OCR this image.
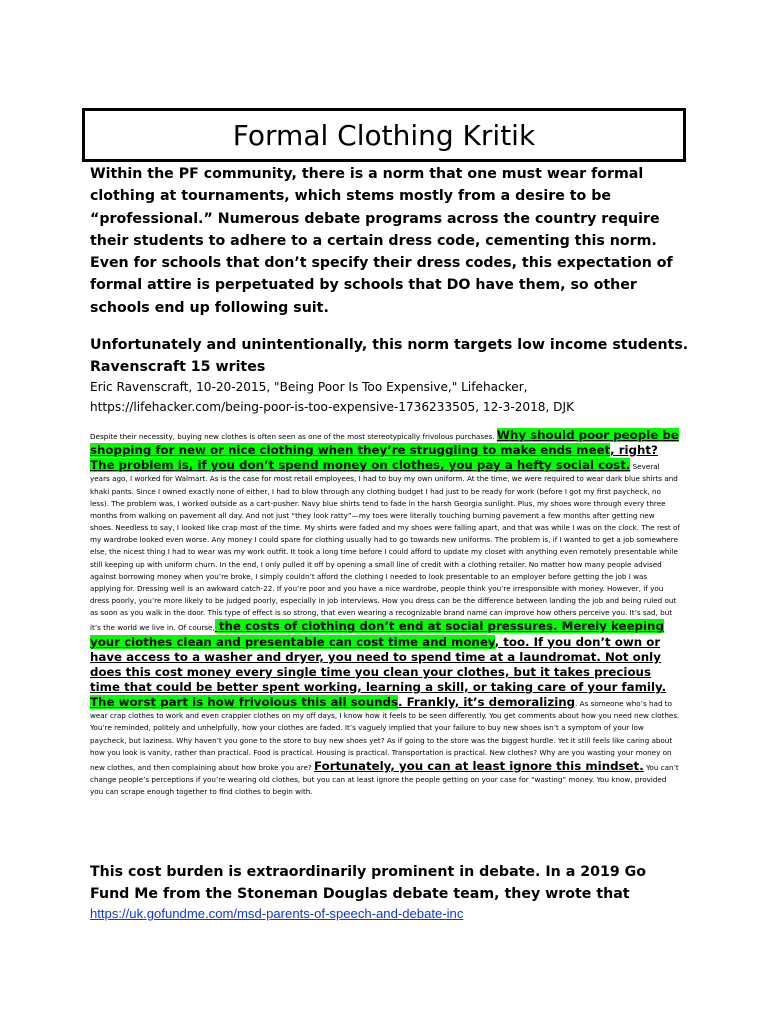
Formal Clothing Kritik
Within the PF community, there is a norm that one must wear formal clothing at tournaments, which stems mostly from a desire to be “professional.” Numerous debate programs across the country require their students to adhere to a certain dress code, cementing this norm. Even for schools that don’t specify their dress codes, this expectation of formal attire is perpetuated by schools that DO have them, so other schools end up following suit.
Unfortunately and unintentionally, this norm targets low income students. Ravenscraft 15 writes
Eric Ravenscraft, 10-20-2015, "Being Poor Is Too Expensive," Lifehacker, https://lifehacker.com/being-poor-is-too-expensive-1736233505, 12-3-2018, DJK
Despite their necessity, buying new clothes is often seen as one of the most stereotypically frivolous purchases. Why should poor people be shopping for new or nice clothing when they’re struggling to make ends meet, right? The problem is, if you don’t spend money on clothes, you pay a hefty social cost. Several years ago, I worked for Walmart. As is the case for most retail employees, I had to buy my own uniform. At the time, we were required to wear dark blue shirts and khaki pants. Since I owned exactly none of either, I had to blow through any clothing budget I had just to be ready for work (before I got my first paycheck, no less). The problem was, I worked outside as a cart-pusher. Navy blue shirts tend to fade in the harsh Georgia sunlight. Plus, my shoes wore through every three months from walking on pavement all day. And not just “they look ratty”—my toes were literally touching burning pavement a few months after getting new shoes. Needless to say, I looked like crap most of the time. My shirts were faded and my shoes were falling apart, and that was while I was on the clock. The rest of my wardrobe looked even worse. Any money I could spare for clothing usually had to go towards new uniforms. The problem is, if I wanted to get a job somewhere else, the nicest thing I had to wear was my work outfit. It took a long time before I could afford to update my closet with anything even remotely presentable while still keeping up with uniform churn. In the end, I only pulled it off by opening a small line of credit with a clothing retailer. No matter how many people advised against borrowing money when you’re broke, I simply couldn’t afford the clothing I needed to look presentable to an employer before getting the job I was applying for. Dressing well is an awkward catch-22. If you’re poor and you have a nice wardrobe, people think you’re irresponsible with money. However, if you dress poorly, you’re more likely to be judged poorly, especially in job interviews. How you dress can be the difference between landing the job and being ruled out as soon as you walk in the door. This type of effect is so strong, that even wearing a recognizable brand name can improve how others perceive you. It’s sad, but it’s the world we live in. Of course, the costs of clothing don’t end at social pressures. Merely keeping your clothes clean and presentable can cost time and money, too. If you don’t own or have access to a washer and dryer, you need to spend time at a laundromat. Not only does this cost money every single time you clean your clothes, but it takes precious time that could be better spent working, learning a skill, or taking care of your family. The worst part is how frivolous this all sounds. Frankly, it’s demoralizing. As someone who’s had to wear crap clothes to work and even crappier clothes on my off days, I know how it feels to be seen differently. You get comments about how you need new clothes. You’re reminded, politely and unhelpfully, how your clothes are faded. It’s vaguely implied that your failure to buy new shoes isn’t a symptom of your low paycheck, but laziness. Why haven’t you gone to the store to buy new shoes yet? As if going to the store was the biggest hurdle. Yet it still feels like caring about how you look is vanity, rather than practical. Food is practical. Housing is practical. Transportation is practical. New clothes? Why are you wasting your money on new clothes, and then complaining about how broke you are? Fortunately, you can at least ignore this mindset. You can’t change people’s perceptions if you’re wearing old clothes, but you can at least ignore the people getting on your case for “wasting” money. You know, provided you can scrape enough together to find clothes to begin with.
This cost burden is extraordinarily prominent in debate. In a 2019 Go Fund Me from the Stoneman Douglas debate team, they wrote that
https://uk.gofundme.com/msd-parents-of-speech-and-debate-inc
